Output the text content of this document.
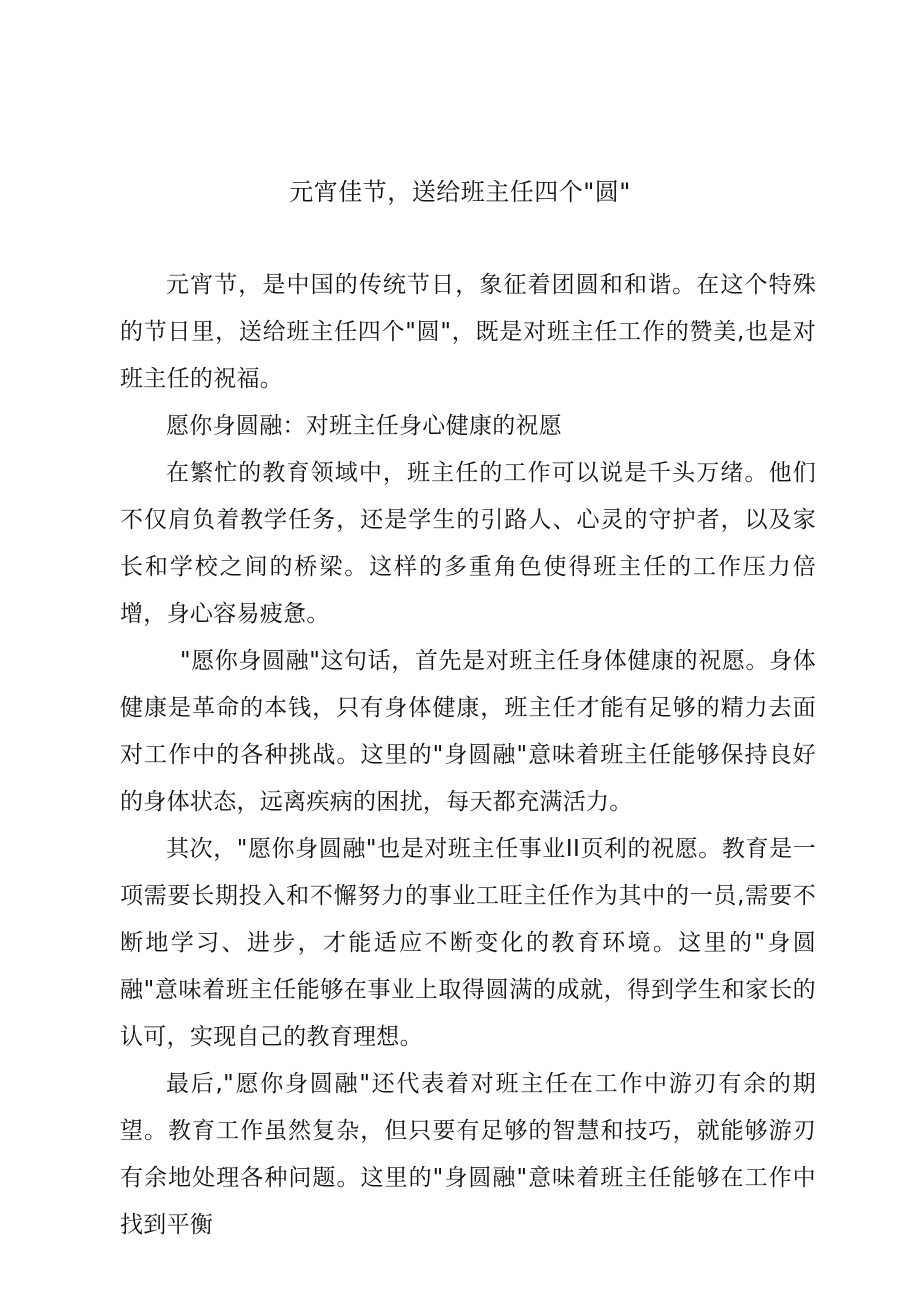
元宵佳节，送给班主任四个"圆"

元宵节，是中国的传统节日，象征着团圆和和谐。在这个特殊的节日里，送给班主任四个"圆"，既是对班主任工作的赞美,也是对班主任的祝福。

愿你身圆融：对班主任身心健康的祝愿

在繁忙的教育领域中，班主任的工作可以说是千头万绪。他们不仅肩负着教学任务，还是学生的引路人、心灵的守护者，以及家长和学校之间的桥梁。这样的多重角色使得班主任的工作压力倍增，身心容易疲惫。

"愿你身圆融"这句话，首先是对班主任身体健康的祝愿。身体健康是革命的本钱，只有身体健康，班主任才能有足够的精力去面对工作中的各种挑战。这里的"身圆融"意味着班主任能够保持良好的身体状态，远离疾病的困扰，每天都充满活力。

其次，"愿你身圆融"也是对班主任事业II页利的祝愿。教育是一项需要长期投入和不懈努力的事业工旺主任作为其中的一员,需要不断地学习、进步，才能适应不断变化的教育环境。这里的"身圆融"意味着班主任能够在事业上取得圆满的成就，得到学生和家长的认可，实现自己的教育理想。

最后,"愿你身圆融"还代表着对班主任在工作中游刃有余的期望。教育工作虽然复杂，但只要有足够的智慧和技巧，就能够游刃有余地处理各种问题。这里的"身圆融"意味着班主任能够在工作中找到平衡
